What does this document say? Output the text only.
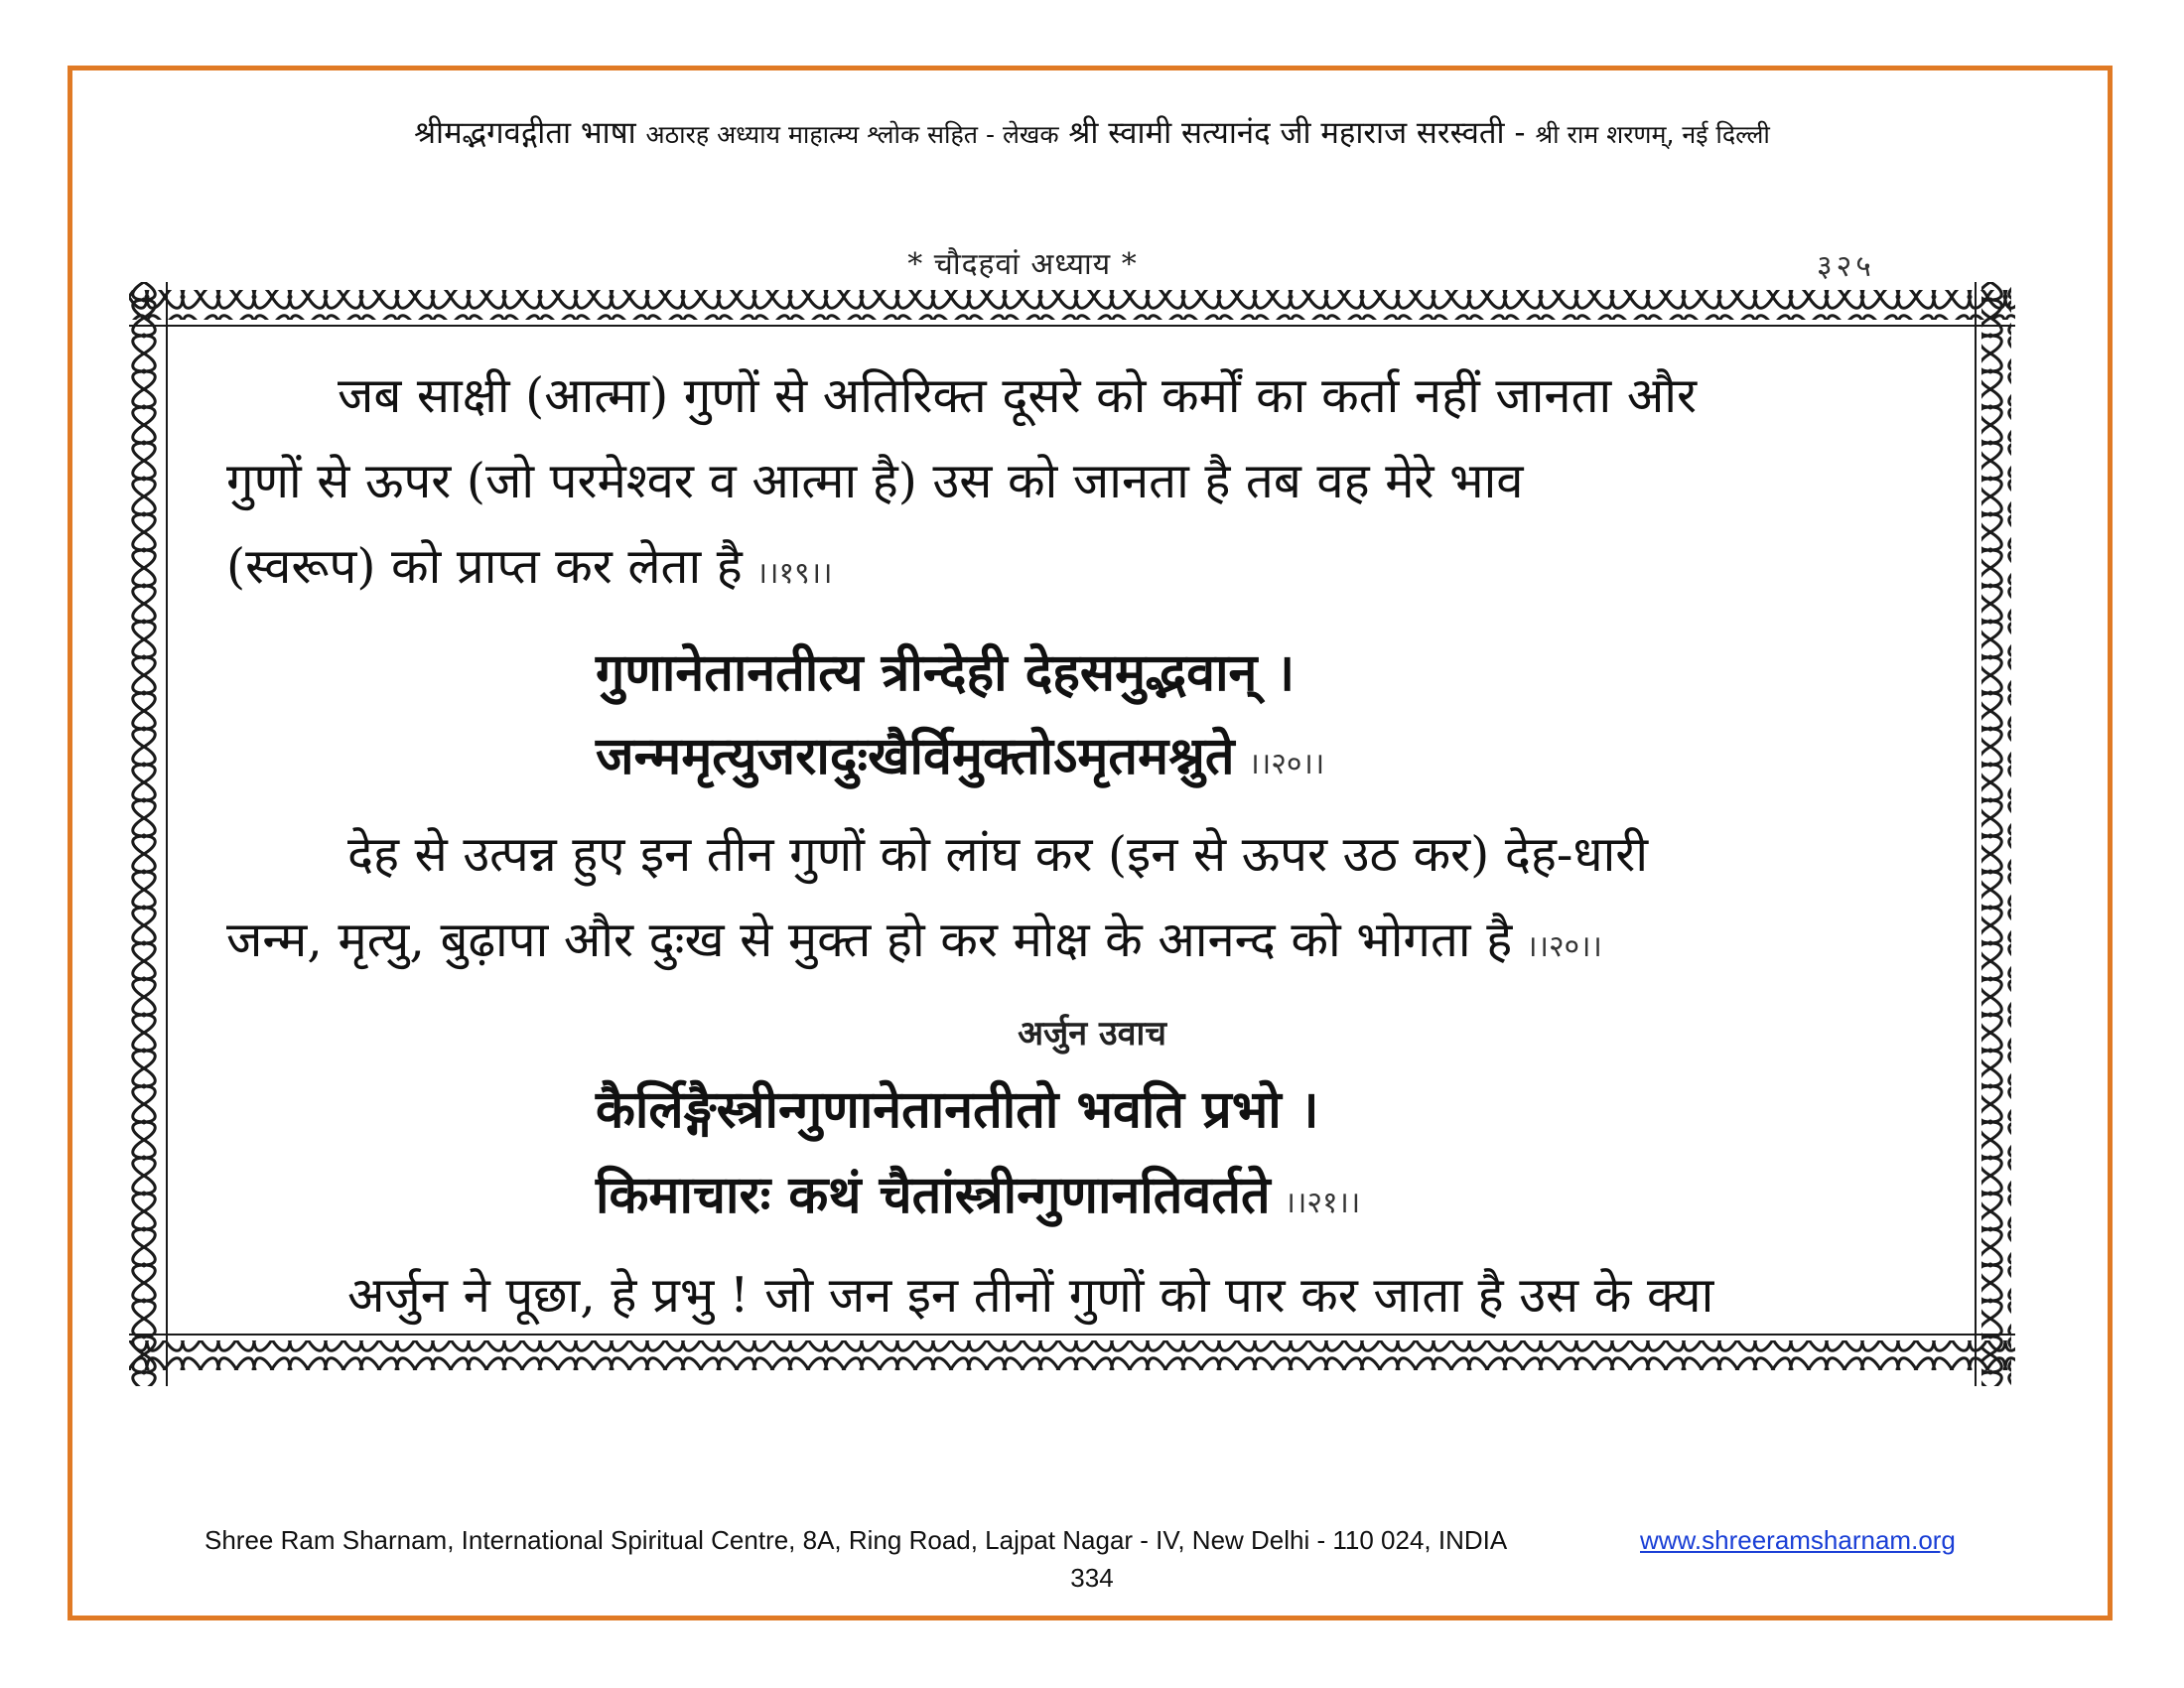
श्रीमद्भगवद्गीता भाषा अठारह अध्याय माहात्म्य श्लोक सहित - लेखक श्री स्वामी सत्यानंद जी महाराज सरस्वती - श्री राम शरणम्, नई दिल्ली
* चौदहवां अध्याय *	३२५
जब साक्षी (आत्मा) गुणों से अतिरिक्त दूसरे को कर्मों का कर्ता नहीं जानता और
गुणों से ऊपर (जो परमेश्वर व आत्मा है) उस को जानता है तब वह मेरे भाव
(स्वरूप) को प्राप्त कर लेता है ।।१९।।
गुणानेतानतीत्य त्रीन्देही देहसमुद्भवान् ।
जन्ममृत्युजरादुःखैर्विमुक्तोऽमृतमश्नुते ।।२०।।
देह से उत्पन्न हुए इन तीन गुणों को लांघ कर (इन से ऊपर उठ कर) देह-धारी
जन्म, मृत्यु, बुढ़ापा और दुःख से मुक्त हो कर मोक्ष के आनन्द को भोगता है ।।२०।।
अर्जुन उवाच
कैर्लिङ्गैस्त्रीन्गुणानेतानतीतो भवति प्रभो ।
किमाचारः कथं चैतांस्त्रीन्गुणानतिवर्तते ।।२१।।
अर्जुन ने पूछा, हे प्रभु ! जो जन इन तीनों गुणों को पार कर जाता है उस के क्या
Shree Ram Sharnam, International Spiritual Centre, 8A, Ring Road, Lajpat Nagar - IV, New Delhi - 110 024, INDIA	www.shreeramsharnam.org
334
